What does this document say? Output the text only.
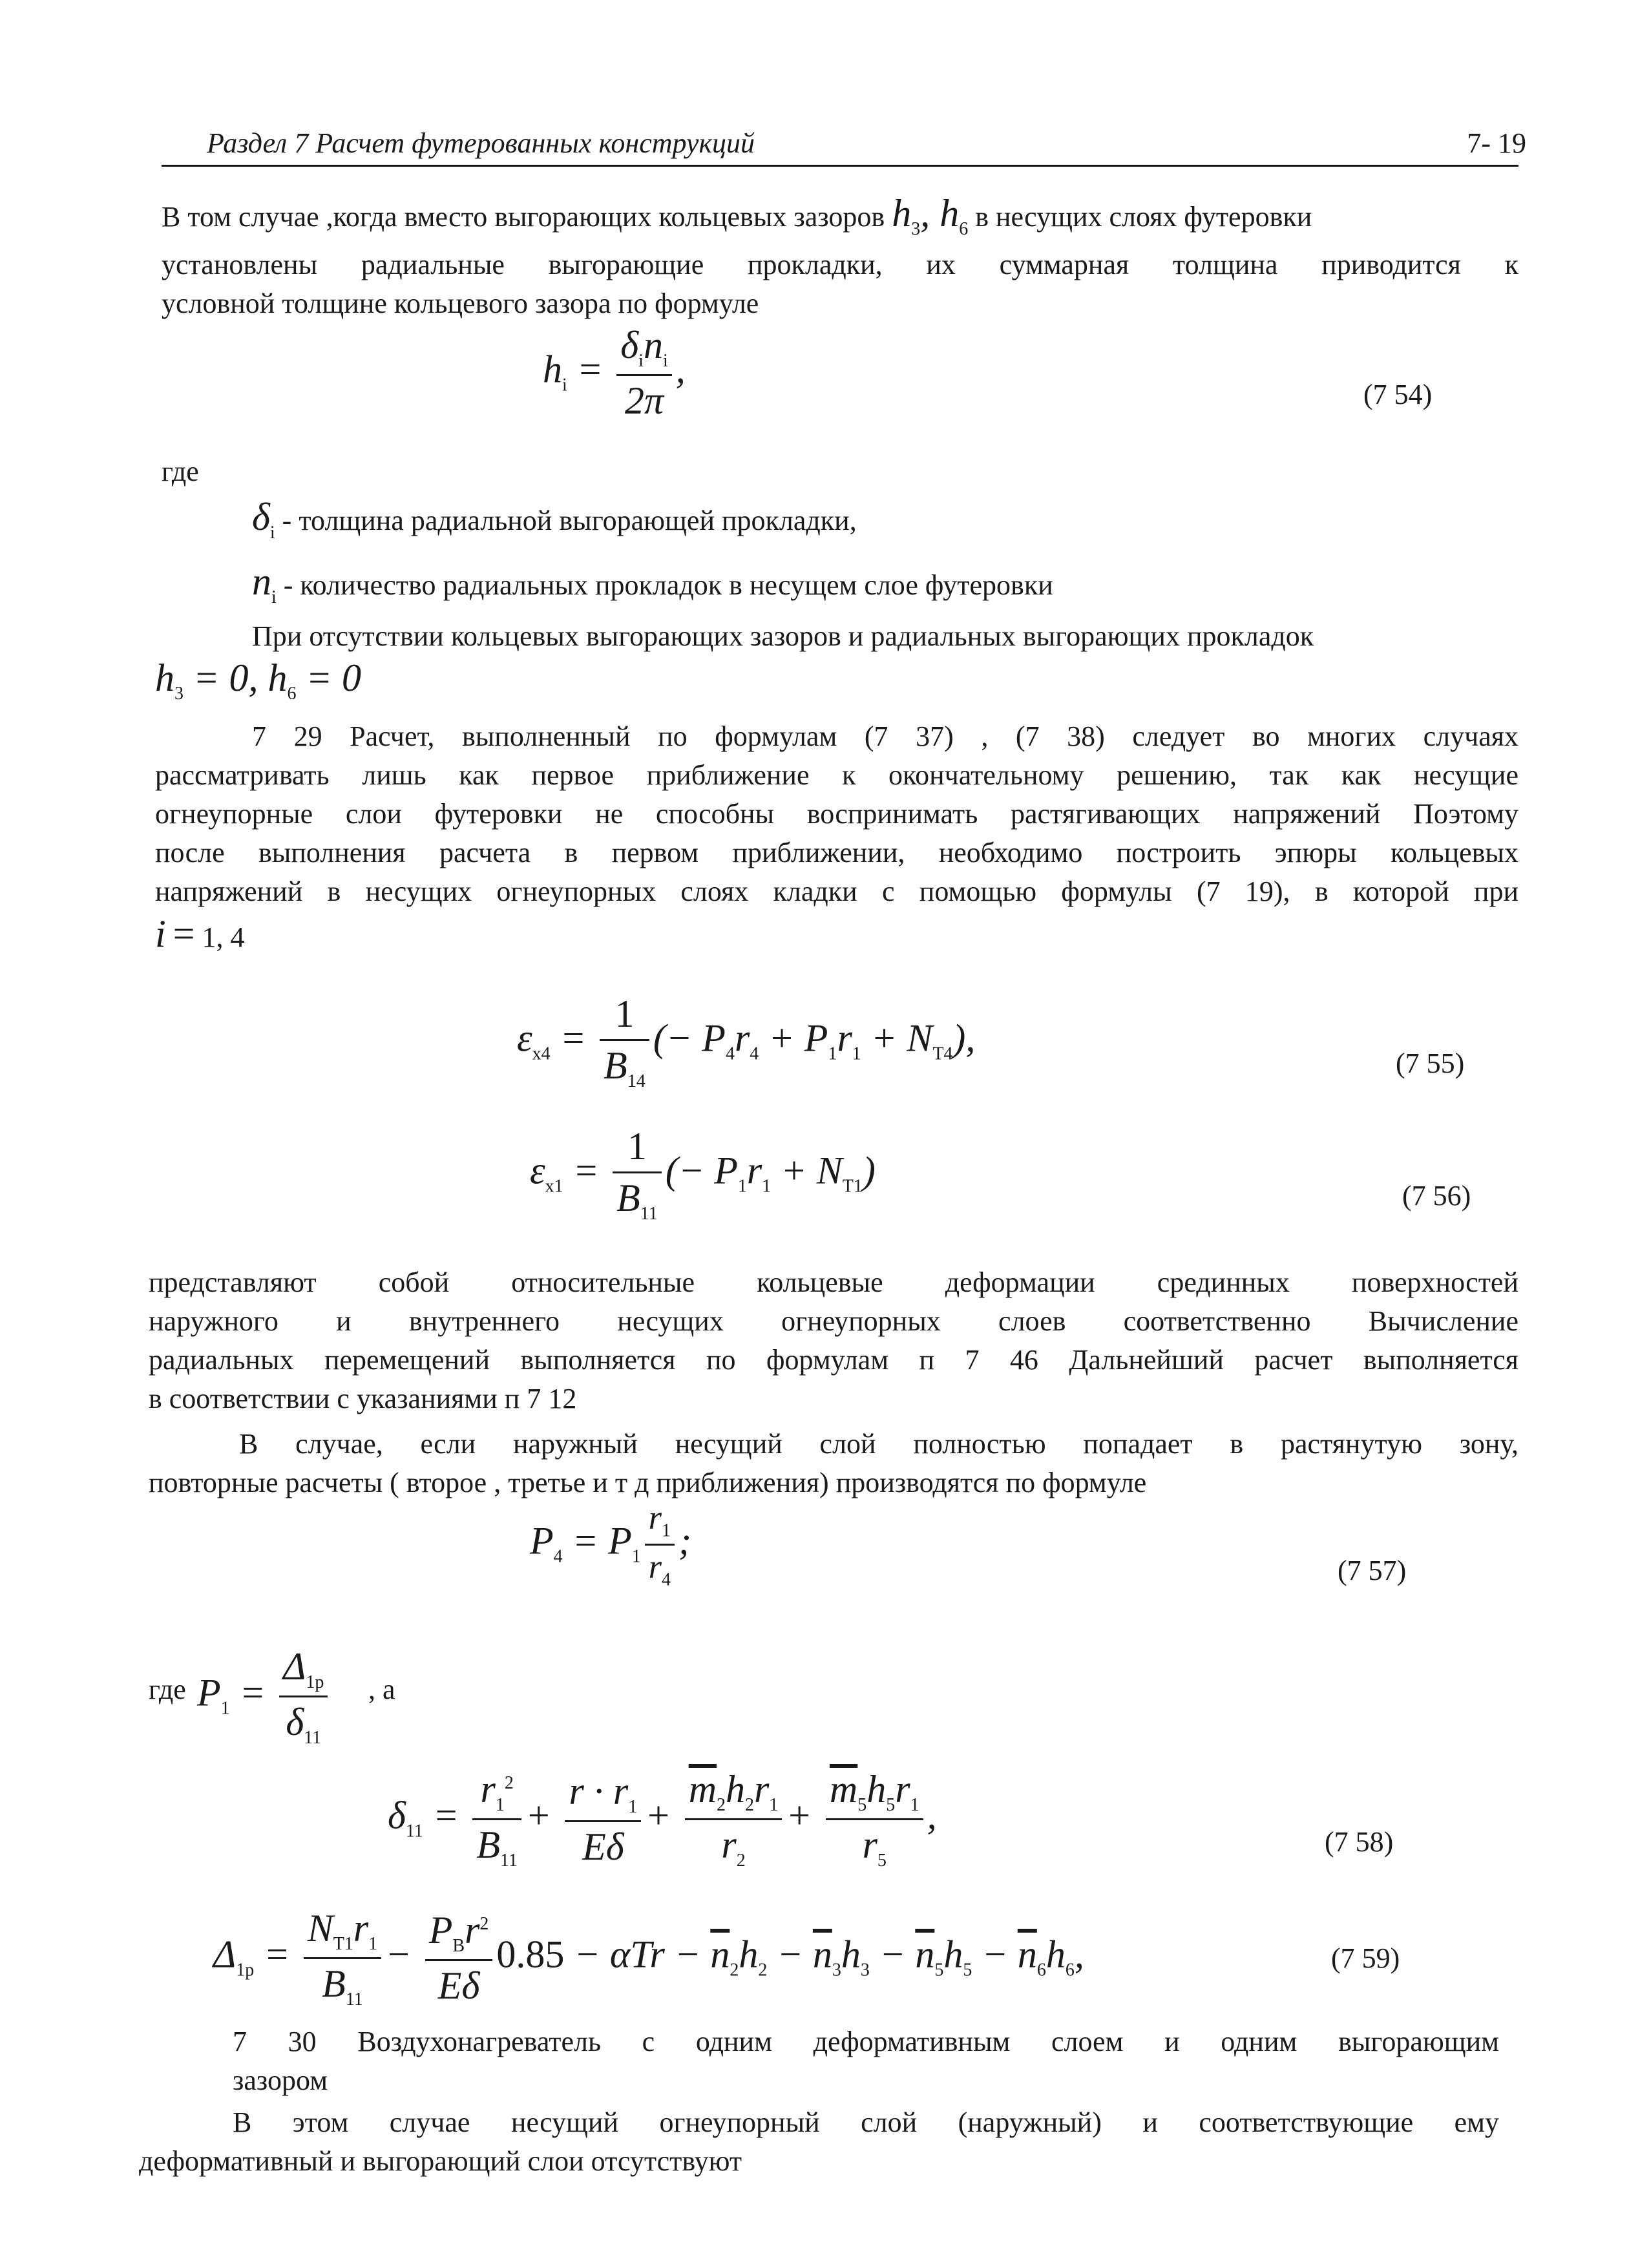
Раздел 7 Расчет футерованных конструкций	7- 19
В том случае ,когда вместо выгорающих кольцевых зазоров $h_3$, $h_6$ в несущих слоях футеровки
установлены радиальные выгорающие прокладки, их суммарная толщина приводится к
условной толщине кольцевого зазора по формуле
$h_i = \frac{\delta_in_i}{2\pi}$ ,
(7 54)
где
$\delta_i$ - толщина радиальной выгорающей прокладки,
$n_i$ - количество радиальных прокладок в несущем слое футеровки
При отсутствии кольцевых выгорающих зазоров и радиальных выгорающих прокладок
$h_3 = 0$, $h_6 = 0$
7 29 Расчет, выполненный по формулам (7 37) , (7 38) следует во многих случаях
рассматривать лишь как первое приближение к окончательному решению, так как несущие
огнеупорные слои футеровки не способны воспринимать растягивающих напряжений Поэтому
после выполнения расчета в первом приближении, необходимо построить эпюры кольцевых
напряжений в несущих огнеупорных слоях кладки с помощью формулы (7 19), в которой при
i = 1, 4
$\varepsilon_{x4} = \frac{1}{B_{14}}$ (− $P_4r_4 + P_1r_1 + N_{T4}$),
(7 55)
$\varepsilon_{x1} = \frac{1}{B_{11}}$ (− $P_1r_1 + N_{T1}$)
(7 56)
представляют собой относительные кольцевые деформации срединных поверхностей
наружного и внутреннего несущих огнеупорных слоев соответственно Вычисление
радиальных перемещений выполняется по формулам п 7 46 Дальнейший расчет выполняется
в соответствии с указаниями п 7 12
В случае, если наружный несущий слой полностью попадает в растянутую зону,
повторные расчеты ( второе , третье и т д приближения) производятся по формуле
$P_4 = P_1 \frac{r_1}{r_4}$ ;
(7 57)
где $P_1 = \frac{\Delta_{1p}}{\delta_{11}}$ , а
$\delta_{11} = \frac{r_1^2}{B_{11}} + \frac{r \cdot r_1}{E\delta} + \frac{\overline{m}_2h_2r_1}{r_2} + \frac{\overline{m}_5h_5r_1}{r_5}$ ,
(7 58)
$\Delta_{1p} = \frac{N_{T1}r_1}{B_{11}} - \frac{P_Br^2}{E\delta} 0.85 - \alpha Tr - \overline{n}_2h_2 - \overline{n}_3h_3 - \overline{n}_5h_5 - \overline{n}_6h_6$,	(7 59)
7 30 Воздухонагреватель с одним деформативным слоем и одним выгорающим
зазором
В этом случае несущий огнеупорный слой (наружный) и соответствующие ему
деформативный и выгорающий слои отсутствуют
